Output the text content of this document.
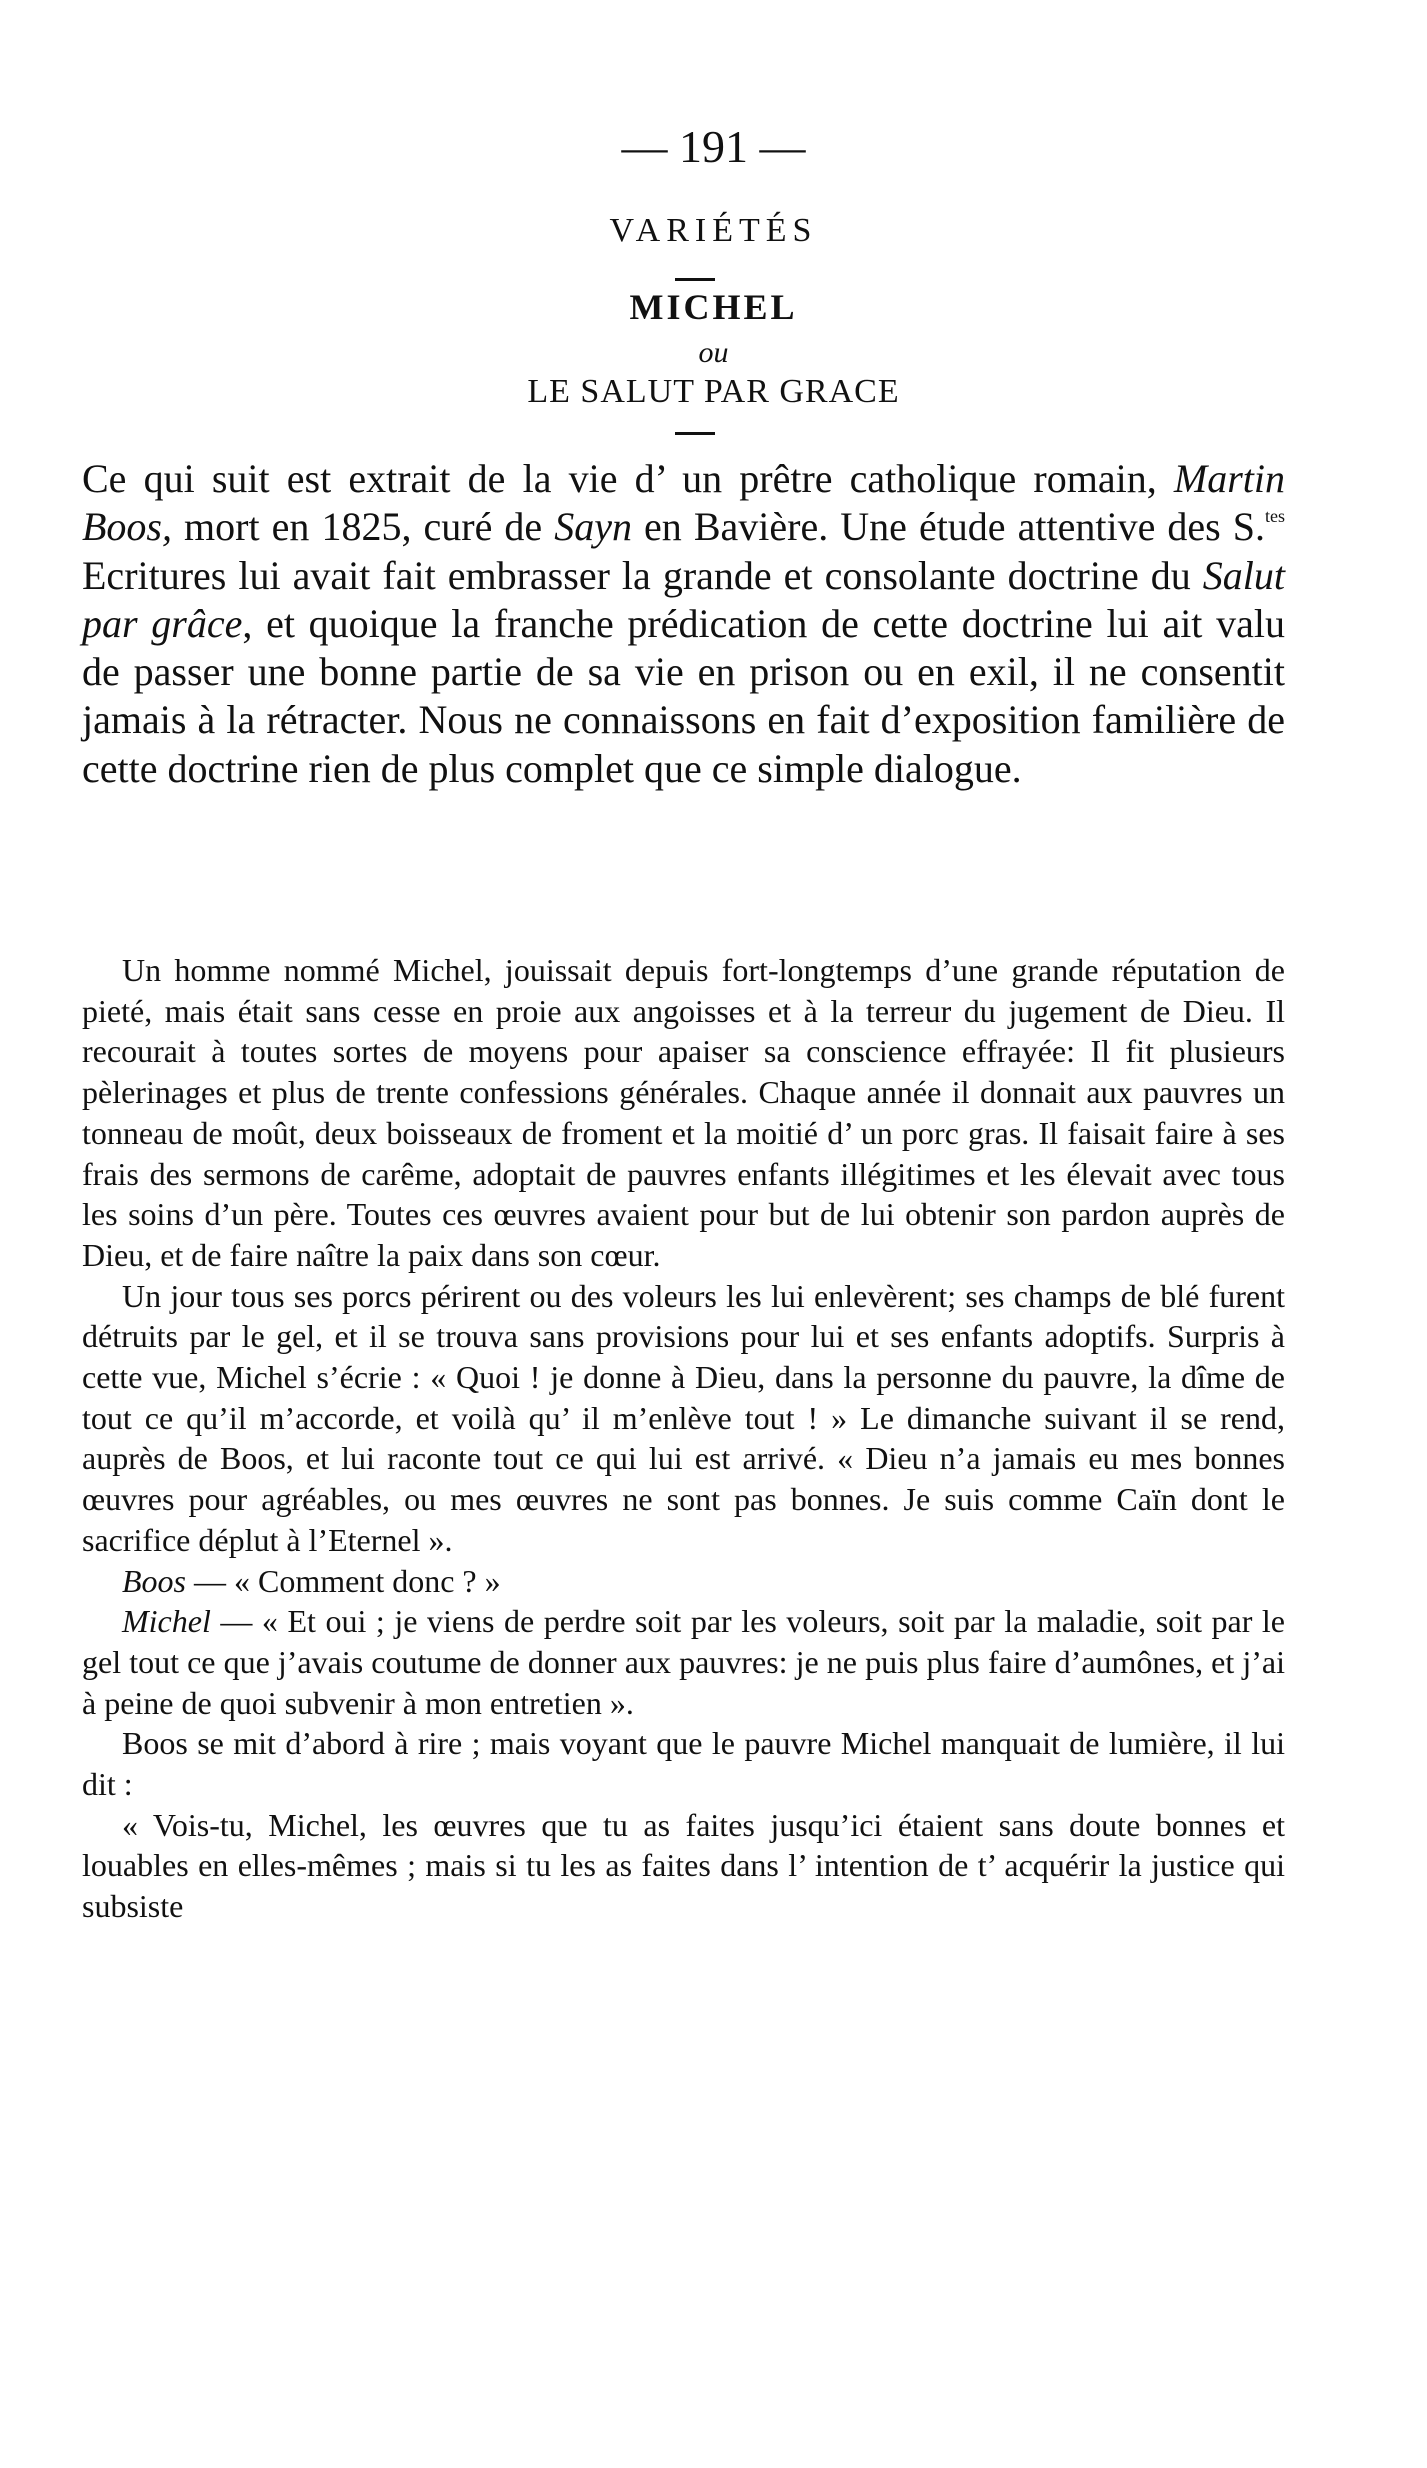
— 191 —
VARIÉTÉS
MICHEL
ou
LE SALUT PAR GRACE
Ce qui suit est extrait de la vie d’ un prêtre catholique romain, Martin Boos, mort en 1825, curé de Sayn en Bavière. Une étude attentive des S.$^{tes}$ Ecritures lui avait fait embrasser la grande et consolante doctrine du Salut par grâce, et quoique la franche prédication de cette doctrine lui ait valu de passer une bonne partie de sa vie en prison ou en exil, il ne consentit jamais à la rétracter. Nous ne connaissons en fait d’exposition familière de cette doctrine rien de plus complet que ce simple dialogue.

Un homme nommé Michel, jouissait depuis fort-longtemps d’une grande réputation de pieté, mais était sans cesse en proie aux angoisses et à la terreur du jugement de Dieu. Il recourait à toutes sortes de moyens pour apaiser sa conscience effrayée: Il fit plusieurs pèlerinages et plus de trente confessions générales. Chaque année il donnait aux pauvres un tonneau de moût, deux boisseaux de froment et la moitié d’ un porc gras. Il faisait faire à ses frais des sermons de carême, adoptait de pauvres enfants illégitimes et les élevait avec tous les soins d’un père. Toutes ces œuvres avaient pour but de lui obtenir son pardon auprès de Dieu, et de faire naître la paix dans son cœur.

Un jour tous ses porcs périrent ou des voleurs les lui enlevèrent; ses champs de blé furent détruits par le gel, et il se trouva sans provisions pour lui et ses enfants adoptifs. Surpris à cette vue, Michel s’écrie : « Quoi ! je donne à Dieu, dans la personne du pauvre, la dîme de tout ce qu’il m’accorde, et voilà qu’ il m’enlève tout ! » Le dimanche suivant il se rend, auprès de Boos, et lui raconte tout ce qui lui est arrivé. « Dieu n’a jamais eu mes bonnes œuvres pour agréables, ou mes œuvres ne sont pas bonnes. Je suis comme Caïn dont le sacrifice déplut à l’Eternel ».

Boos — « Comment donc ? »

Michel — « Et oui ; je viens de perdre soit par les voleurs, soit par la maladie, soit par le gel tout ce que j’avais coutume de donner aux pauvres: je ne puis plus faire d’aumônes, et j’ai à peine de quoi subvenir à mon entretien ».

Boos se mit d’abord à rire ; mais voyant que le pauvre Michel manquait de lumière, il lui dit :

« Vois-tu, Michel, les œuvres que tu as faites jusqu’ici étaient sans doute bonnes et louables en elles-mêmes ; mais si tu les as faites dans l’ intention de t’ acquérir la justice qui subsiste
